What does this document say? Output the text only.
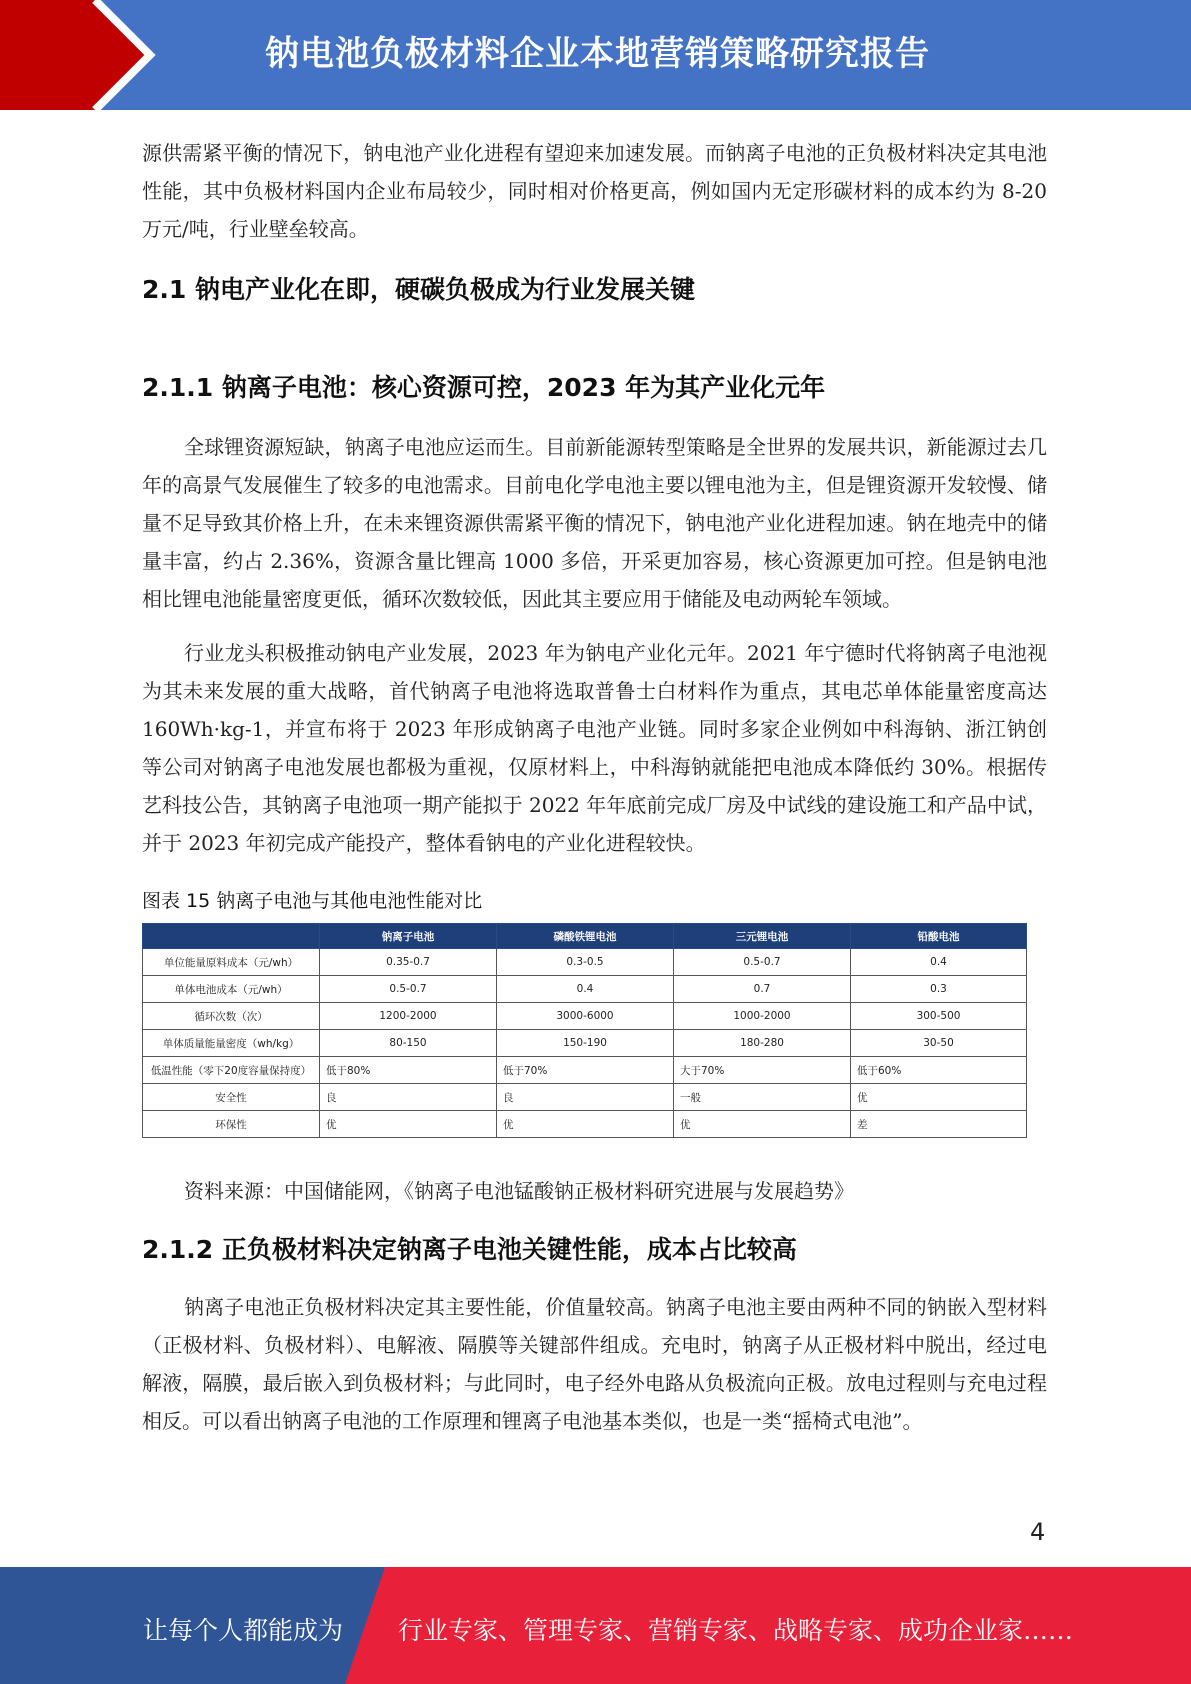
钠电池负极材料企业本地营销策略研究报告

源供需紧平衡的情况下，钠电池产业化进程有望迎来加速发展。而钠离子电池的正负极材料决定其电池性能，其中负极材料国内企业布局较少，同时相对价格更高，例如国内无定形碳材料的成本约为 8-20 万元/吨，行业壁垒较高。

2.1 钠电产业化在即，硬碳负极成为行业发展关键
2.1.1 钠离子电池：核心资源可控，2023 年为其产业化元年

全球锂资源短缺，钠离子电池应运而生。目前新能源转型策略是全世界的发展共识，新能源过去几年的高景气发展催生了较多的电池需求。目前电化学电池主要以锂电池为主，但是锂资源开发较慢、储量不足导致其价格上升，在未来锂资源供需紧平衡的情况下，钠电池产业化进程加速。钠在地壳中的储量丰富，约占 2.36%，资源含量比锂高 1000 多倍，开采更加容易，核心资源更加可控。但是钠电池相比锂电池能量密度更低，循环次数较低，因此其主要应用于储能及电动两轮车领域。

行业龙头积极推动钠电产业发展，2023 年为钠电产业化元年。2021 年宁德时代将钠离子电池视为其未来发展的重大战略，首代钠离子电池将选取普鲁士白材料作为重点，其电芯单体能量密度高达 160Wh·kg-1，并宣布将于 2023 年形成钠离子电池产业链。同时多家企业例如中科海钠、浙江钠创等公司对钠离子电池发展也都极为重视，仅原材料上，中科海钠就能把电池成本降低约 30%。根据传艺科技公告，其钠离子电池项一期产能拟于 2022 年年底前完成厂房及中试线的建设施工和产品中试，并于 2023 年初完成产能投产，整体看钠电的产业化进程较快。

图表 15 钠离子电池与其他电池性能对比
	钠离子电池	磷酸铁锂电池	三元锂电池	铅酸电池
单位能量原料成本（元/wh）	0.35-0.7	0.3-0.5	0.5-0.7	0.4
单体电池成本（元/wh）	0.5-0.7	0.4	0.7	0.3
循环次数（次）	1200-2000	3000-6000	1000-2000	300-500
单体质量能量密度（wh/kg）	80-150	150-190	180-280	30-50
低温性能（零下20度容量保持度）	低于80%	低于70%	大于70%	低于60%
安全性	良	良	一般	优
环保性	优	优	优	差

资料来源：中国储能网，《钠离子电池锰酸钠正极材料研究进展与发展趋势》

2.1.2 正负极材料决定钠离子电池关键性能，成本占比较高

钠离子电池正负极材料决定其主要性能，价值量较高。钠离子电池主要由两种不同的钠嵌入型材料（正极材料、负极材料）、电解液、隔膜等关键部件组成。充电时，钠离子从正极材料中脱出，经过电解液，隔膜，最后嵌入到负极材料；与此同时，电子经外电路从负极流向正极。放电过程则与充电过程相反。可以看出钠离子电池的工作原理和锂离子电池基本类似，也是一类“摇椅式电池”。

4
让每个人都能成为 行业专家、管理专家、营销专家、战略专家、成功企业家……
